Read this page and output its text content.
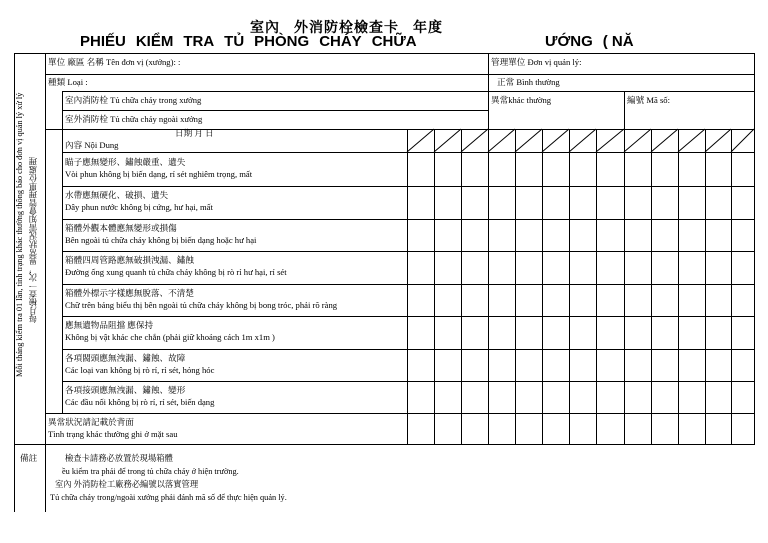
室內 外消防栓檢查卡 年度
PHIẾU KIỂM TRA TỦ PHÒNG CHÁY CHỮA	ƯỚNG ( NĂ
單位 廠區 名稱 Tên đơn vị (xưởng): :	管理單位 Đơn vị quản lý:
種類 Loại :	正常 Bình thường
室內消防栓 Tủ chữa cháy trong xưởng	異常khác thường	編號 Mã số:
室外消防栓 Tủ chữa cháy ngoài xưởng
日期 月 日
內容 Nội Dung
Mỗi tháng kiểm tra 01 lần, tình trạng khác thường thông báo cho đơn vị quản lý xử lý 每月檢查一次，異常狀況需知會管理單位處理	瞄子應無變形、鏽蝕嚴重、遺失
Vòi phun không bị biến dạng, rỉ sét nghiêm trọng, mất
水帶應無硬化、破損、遺失
Dây phun nước không bị cứng, hư hại, mất
箱體外觀本體應無變形或損傷
Bên ngoài tủ chữa cháy không bị biến dạng hoặc hư hại
箱體四周管路應無破損洩漏、鏽蝕
Đường ống xung quanh tủ chữa cháy không bị rò rỉ hư hại, rỉ sét
箱體外標示字樣應無脫落、不清楚
Chữ trên bảng biểu thị bên ngoài tủ chữa cháy không bị bong tróc, phải rõ ràng
應無遺物品阻擋 應保持
Không bị vật khác che chắn (phải giữ khoảng cách 1m x1m )
各項閥頭應無洩漏、鏽蝕、故障
Các loại van không bị rò rỉ, rỉ sét, hỏng hóc
各項接頭應無洩漏、鏽蝕、變形
Các đầu nối không bị rò rỉ, rỉ sét, biến dạng
異常狀況請記載於背面
Tình trạng khác thường ghi ở mặt sau
備註	檢查卡請務必放置於現場箱體
ều kiểm tra phải để trong tủ chữa cháy ở hiện trường.
室內 外消防栓工廠務必編號以落實管理
Tủ chữa cháy trong/ngoài xưởng phải đánh mã số để thực hiện quản lý.
